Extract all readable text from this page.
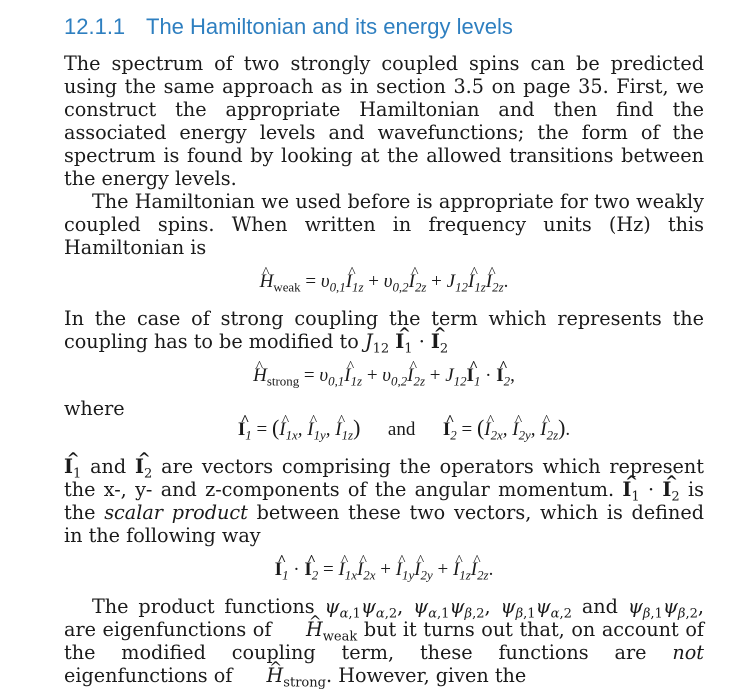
12.1.1 The Hamiltonian and its energy levels

The spectrum of two strongly coupled spins can be predicted using the same approach as in section 3.5 on page 35. First, we construct the appropriate Hamiltonian and then find the associated energy levels and wavefunctions; the form of the spectrum is found by looking at the allowed transitions between the energy levels.

The Hamiltonian we used before is appropriate for two weakly coupled spins. When written in frequency units (Hz) this Hamiltonian is

H $\^{}_{weak} = \upsilon_{0,1}I$ $\^{}_{1z} + \upsilon_{0,2}I$ $\^{}_{2z} + J_{12}I$ $\^{}_{1z}I$ $\^{}_{2z}$.

In the case of strong coupling the term which represents the coupling has to be modified to $J_{12}$ I $\^{}_1 \cdot I$ $\^{}_2$

H $\^{}_{strong} = \upsilon_{0,1}I$ $\^{}_{1z} + \upsilon_{0,2}I$ $\^{}_{2z} + J_{12}I$ $\^{}_1 \cdot I$ $\^{}_2$,

where

I $\^{}_1 = (I$ $\^{}_{1x}$, I $\^{}_{1y}$, I $\^{}_{1z}$) and I $\^{}_2 = (I$ $\^{}_{2x}$, I $\^{}_{2y}$, I $\^{}_{2z}$).

I $\^{}_1$ and I $\^{}_2$ are vectors comprising the operators which represent the x-, y- and z-components of the angular momentum. I $\^{}_1 \cdot I$ $\^{}_2$ is the scalar product between these two vectors, which is defined in the following way

I $\^{}_1 \cdot I$ $\^{}_2 = I$ $\^{}_{1x}I$ $\^{}_{2x} + I$ $\^{}_{1y}I$ $\^{}_{2y} + I$ $\^{}_{1z}I$ $\^{}_{2z}$.

The product functions $\psi_{\alpha,1}\psi_{\alpha,2}$, $\psi_{\alpha,1}\psi_{\beta,2}$, $\psi_{\beta,1}\psi_{\alpha,2}$ and $\psi_{\beta,1}\psi_{\beta,2}$, are eigenfunctions of H $\^{}_{weak}$ but it turns out that, on account of the modified coupling term, these functions are not eigenfunctions of H $\^{}_{strong}$. However, given the
